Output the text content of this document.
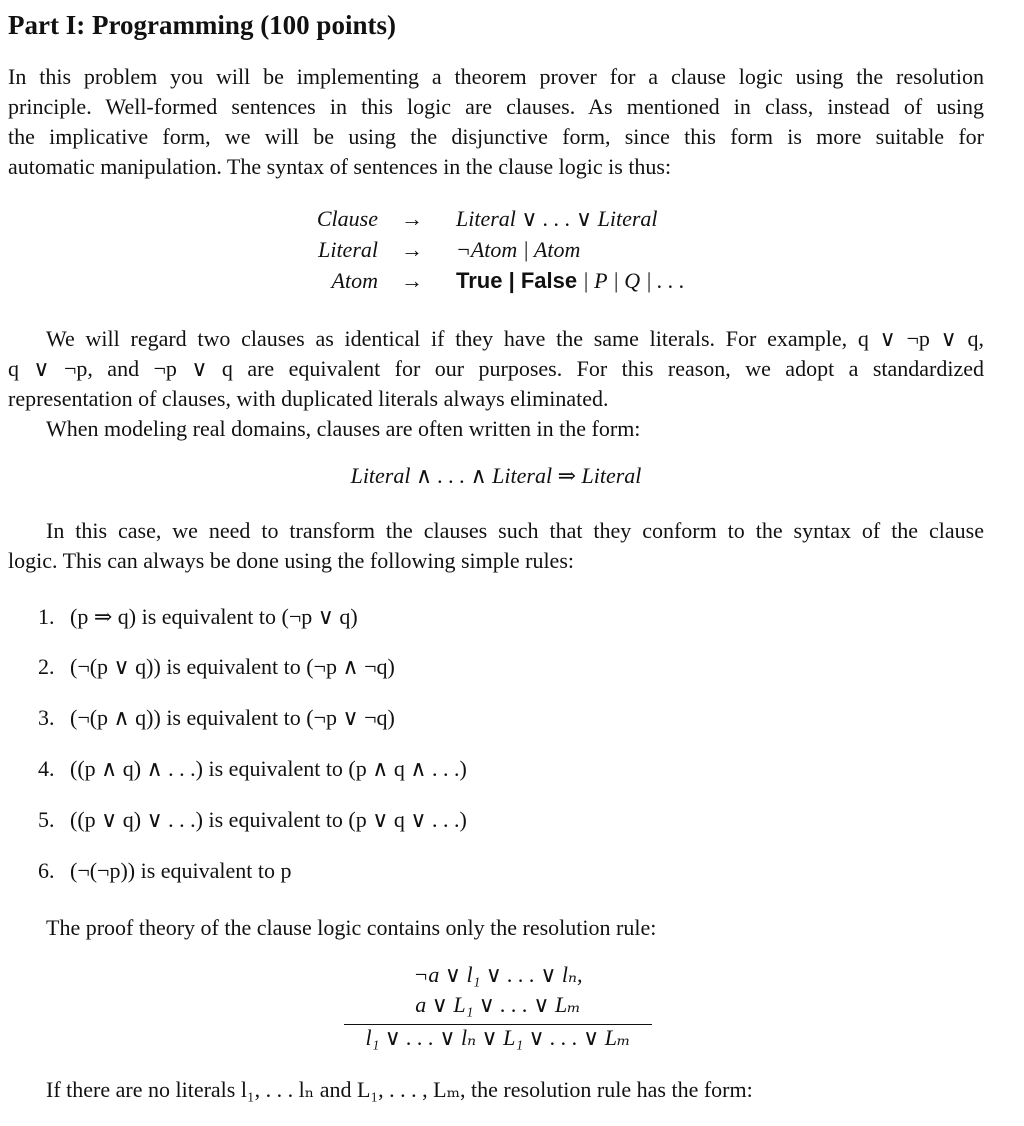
Part I: Programming (100 points)
In this problem you will be implementing a theorem prover for a clause logic using the resolution
principle. Well-formed sentences in this logic are clauses. As mentioned in class, instead of using
the implicative form, we will be using the disjunctive form, since this form is more suitable for
automatic manipulation. The syntax of sentences in the clause logic is thus:
Clause → Literal ∨ . . . ∨ Literal
Literal → ¬Atom | Atom
Atom → True | False | P | Q | . . .
We will regard two clauses as identical if they have the same literals. For example, q ∨ ¬p ∨ q,
q ∨ ¬p, and ¬p ∨ q are equivalent for our purposes. For this reason, we adopt a standardized
representation of clauses, with duplicated literals always eliminated.
When modeling real domains, clauses are often written in the form:
Literal ∧ . . . ∧ Literal ⇒ Literal
In this case, we need to transform the clauses such that they conform to the syntax of the clause
logic. This can always be done using the following simple rules:
1. (p ⇒ q) is equivalent to (¬p ∨ q)
2. (¬(p ∨ q)) is equivalent to (¬p ∧ ¬q)
3. (¬(p ∧ q)) is equivalent to (¬p ∨ ¬q)
4. ((p ∧ q) ∧ . . .) is equivalent to (p ∧ q ∧ . . .)
5. ((p ∨ q) ∨ . . .) is equivalent to (p ∨ q ∨ . . .)
6. (¬(¬p)) is equivalent to p
The proof theory of the clause logic contains only the resolution rule:
¬a ∨ l₁ ∨ . . . ∨ lₙ,
a ∨ L₁ ∨ . . . ∨ Lₘ
l₁ ∨ . . . ∨ lₙ ∨ L₁ ∨ . . . ∨ Lₘ
If there are no literals l₁, . . . lₙ and L₁, . . . , Lₘ, the resolution rule has the form:
